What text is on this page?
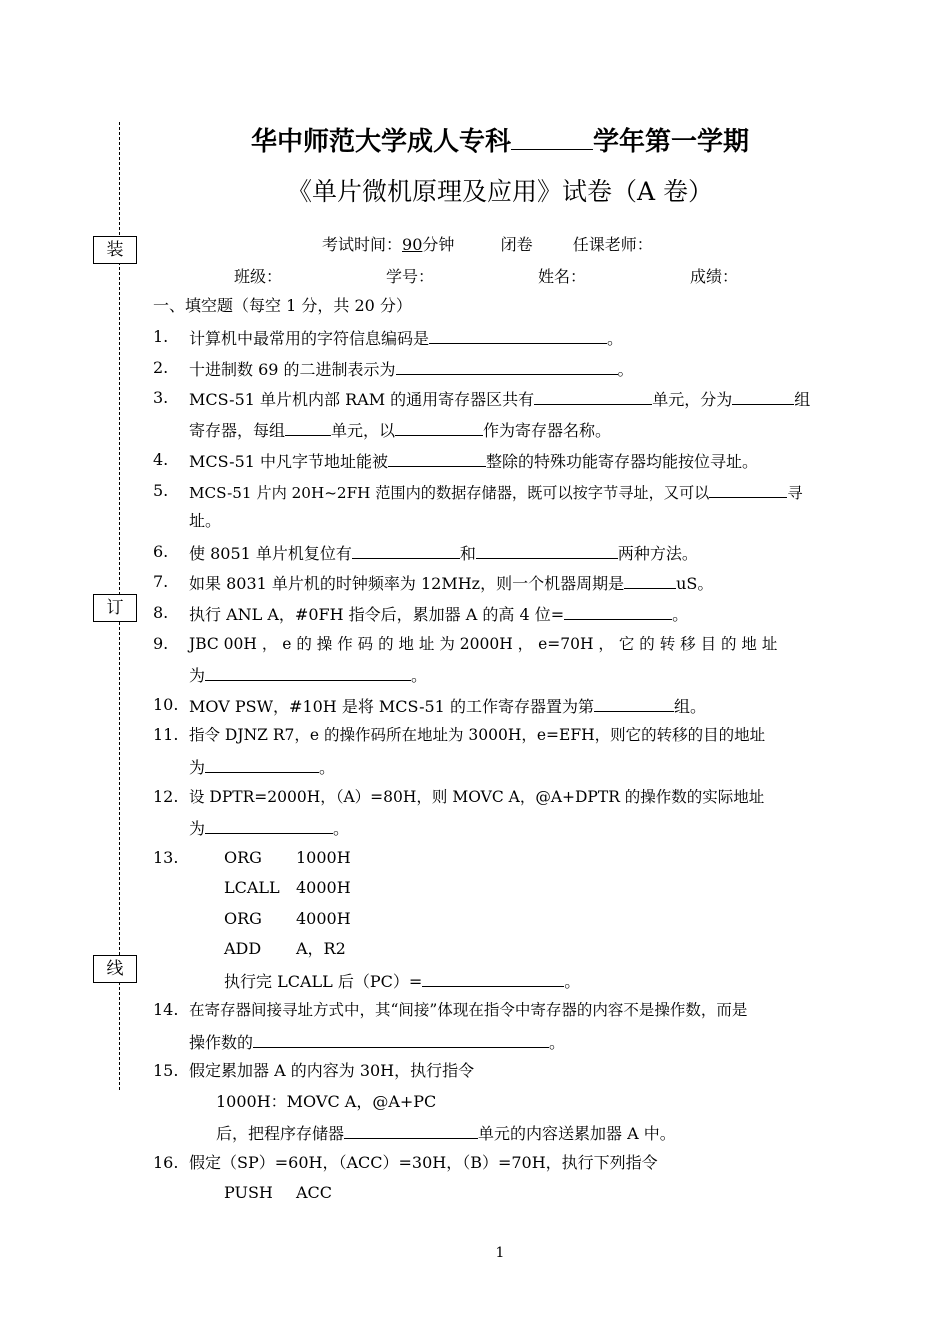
装
订
线
华中师范大学成人专科	学年第一学期
《单片微机原理及应用》试卷（A 卷）
考试时间：90分钟	闭卷	任课老师：
班级：	学号：	姓名：	成绩：
一、填空题（每空 1 分，共 20 分）
1. 计算机中最常用的字符信息编码是	。
2. 十进制数 69 的二进制表示为	。
3. MCS-51 单片机内部 RAM 的通用寄存器区共有	单元，分为	组
寄存器，每组	单元，以	作为寄存器名称。
4. MCS-51 中凡字节地址能被	整除的特殊功能寄存器均能按位寻址。
5. MCS-51 片内 20H~2FH 范围内的数据存储器，既可以按字节寻址，又可以	寻
址。
6. 使 8051 单片机复位有	和	两种方法。
7. 如果 8031 单片机的时钟频率为 12MHz，则一个机器周期是	uS。
8. 执行 ANL A，#0FH 指令后，累加器 A 的高 4 位=	。
9. JBC 00H ， e 的 操 作 码 的 地 址 为 2000H ， e=70H ， 它 的 转 移 目 的 地 址
为	。
10. MOV PSW，#10H 是将 MCS-51 的工作寄存器置为第	组。
11. 指令 DJNZ R7，e 的操作码所在地址为 3000H，e=EFH，则它的转移的目的地址
为	。
12. 设 DPTR=2000H，（A）=80H，则 MOVC A，@A+DPTR 的操作数的实际地址
为	。
13.	ORG 1000H
LCALL 4000H
ORG 4000H
ADD A，R2
执行完 LCALL 后（PC）=	。
14. 在寄存器间接寻址方式中，其“间接”体现在指令中寄存器的内容不是操作数，而是
操作数的	。
15. 假定累加器 A 的内容为 30H，执行指令
1000H：MOVC A，@A+PC
后，把程序存储器	单元的内容送累加器 A 中。
16. 假定（SP）=60H，（ACC）=30H，（B）=70H，执行下列指令
PUSH ACC
1
